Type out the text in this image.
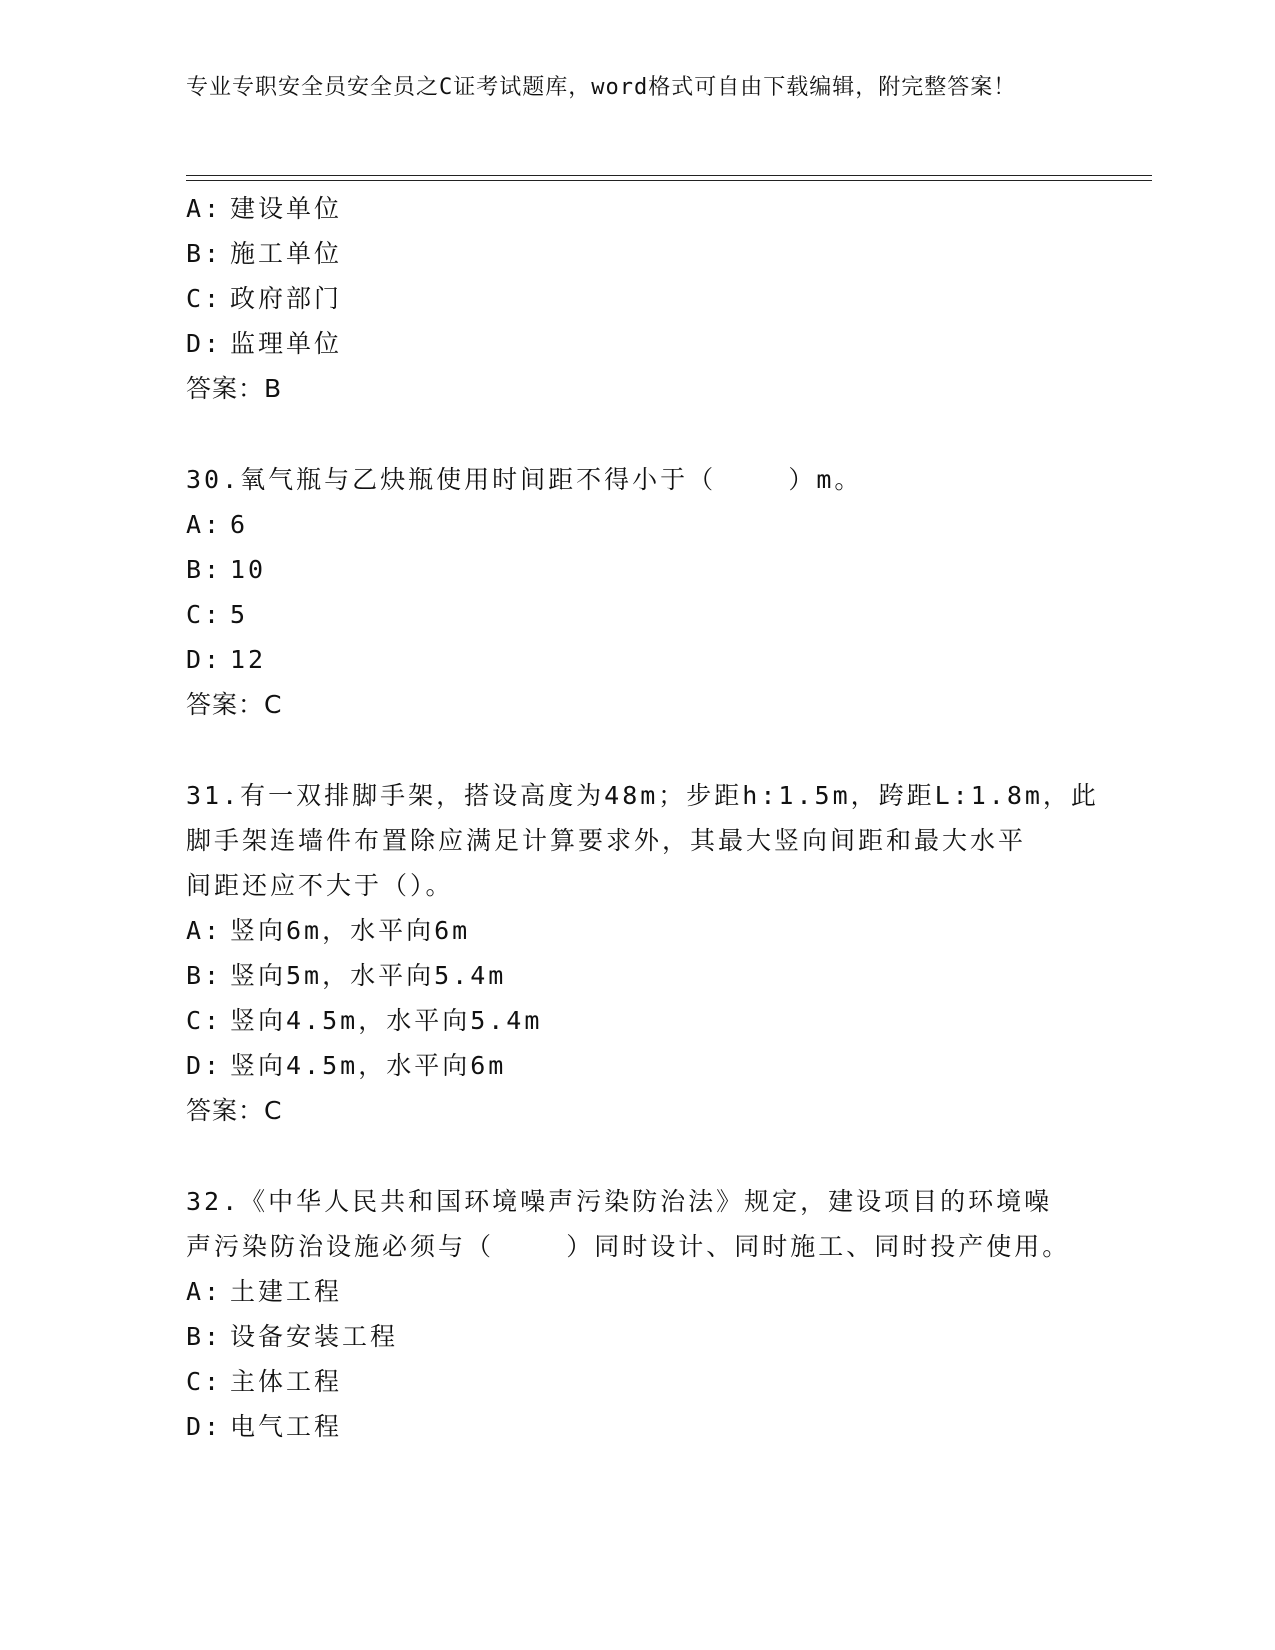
专业专职安全员安全员之C证考试题库，word格式可自由下载编辑，附完整答案！
A: 建设单位
B: 施工单位
C: 政府部门
D: 监理单位
答案：B
30.氧气瓶与乙炔瓶使用时间距不得小于（    ）m。
A: 6
B: 10
C: 5
D: 12
答案：C
31.有一双排脚手架，搭设高度为48m；步距h:1.5m，跨距L:1.8m，此
脚手架连墙件布置除应满足计算要求外，其最大竖向间距和最大水平
间距还应不大于（）。
A: 竖向6m，水平向6m
B: 竖向5m，水平向5.4m
C: 竖向4.5m，水平向5.4m
D: 竖向4.5m，水平向6m
答案：C
32.《中华人民共和国环境噪声污染防治法》规定，建设项目的环境噪
声污染防治设施必须与（    ）同时设计、同时施工、同时投产使用。
A: 土建工程
B: 设备安装工程
C: 主体工程
D: 电气工程
